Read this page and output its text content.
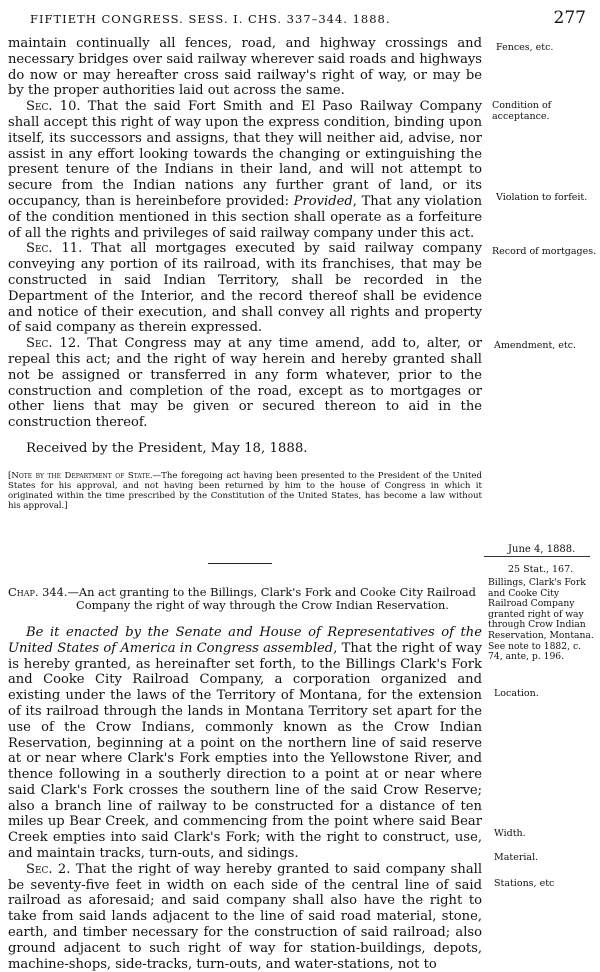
FIFTIETH CONGRESS. SESS. I. CHS. 337–344. 1888.	277

maintain continually all fences, road, and highway crossings and necessary bridges over said railway wherever said roads and highways do now or may hereafter cross said railway's right of way, or may be by the proper authorities laid out across the same.

Sec. 10. That the said Fort Smith and El Paso Railway Company shall accept this right of way upon the express condition, binding upon itself, its successors and assigns, that they will neither aid, advise, nor assist in any effort looking towards the changing or extinguishing the present tenure of the Indians in their land, and will not attempt to secure from the Indian nations any further grant of land, or its occupancy, than is hereinbefore provided: Provided, That any violation of the condition mentioned in this section shall operate as a forfeiture of all the rights and privileges of said railway company under this act.

Sec. 11. That all mortgages executed by said railway company conveying any portion of its railroad, with its franchises, that may be constructed in said Indian Territory, shall be recorded in the Department of the Interior, and the record thereof shall be evidence and notice of their execution, and shall convey all rights and property of said company as therein expressed.

Sec. 12. That Congress may at any time amend, add to, alter, or repeal this act; and the right of way herein and hereby granted shall not be assigned or transferred in any form whatever, prior to the construction and completion of the road, except as to mortgages or other liens that may be given or secured thereon to aid in the construction thereof.

Received by the President, May 18, 1888.

[Note by the Department of State.—The foregoing act having been presented to the President of the United States for his approval, and not having been returned by him to the house of Congress in which it originated within the time prescribed by the Constitution of the United States, has become a law without his approval.]

Chap. 344.—An act granting to the Billings, Clark's Fork and Cooke City Railroad
Company the right of way through the Crow Indian Reservation.

Be it enacted by the Senate and House of Representatives of the United States of America in Congress assembled, That the right of way is hereby granted, as hereinafter set forth, to the Billings Clark's Fork and Cooke City Railroad Company, a corporation organized and existing under the laws of the Territory of Montana, for the extension of its railroad through the lands in Montana Territory set apart for the use of the Crow Indians, commonly known as the Crow Indian Reservation, beginning at a point on the northern line of said reserve at or near where Clark's Fork empties into the Yellowstone River, and thence following in a southerly direction to a point at or near where said Clark's Fork crosses the southern line of the said Crow Reserve; also a branch line of railway to be constructed for a distance of ten miles up Bear Creek, and commencing from the point where said Bear Creek empties into said Clark's Fork; with the right to construct, use, and maintain tracks, turn-outs, and sidings.

Sec. 2. That the right of way hereby granted to said company shall be seventy-five feet in width on each side of the central line of said railroad as aforesaid; and said company shall also have the right to take from said lands adjacent to the line of said road material, stone, earth, and timber necessary for the construction of said railroad; also ground adjacent to such right of way for station-buildings, depots, machine-shops, side-tracks, turn-outs, and water-stations, not to

Fences, etc.
Condition of acceptance.
Violation to forfeit.
Record of mortgages.
Amendment, etc.
June 4, 1888.
25 Stat., 167.
Billings, Clark's Fork and Cooke City Railroad Company granted right of way through Crow Indian Reservation, Montana.
See note to 1882, c. 74, ante, p. 196.
Location.
Width.
Material.
Stations, etc
